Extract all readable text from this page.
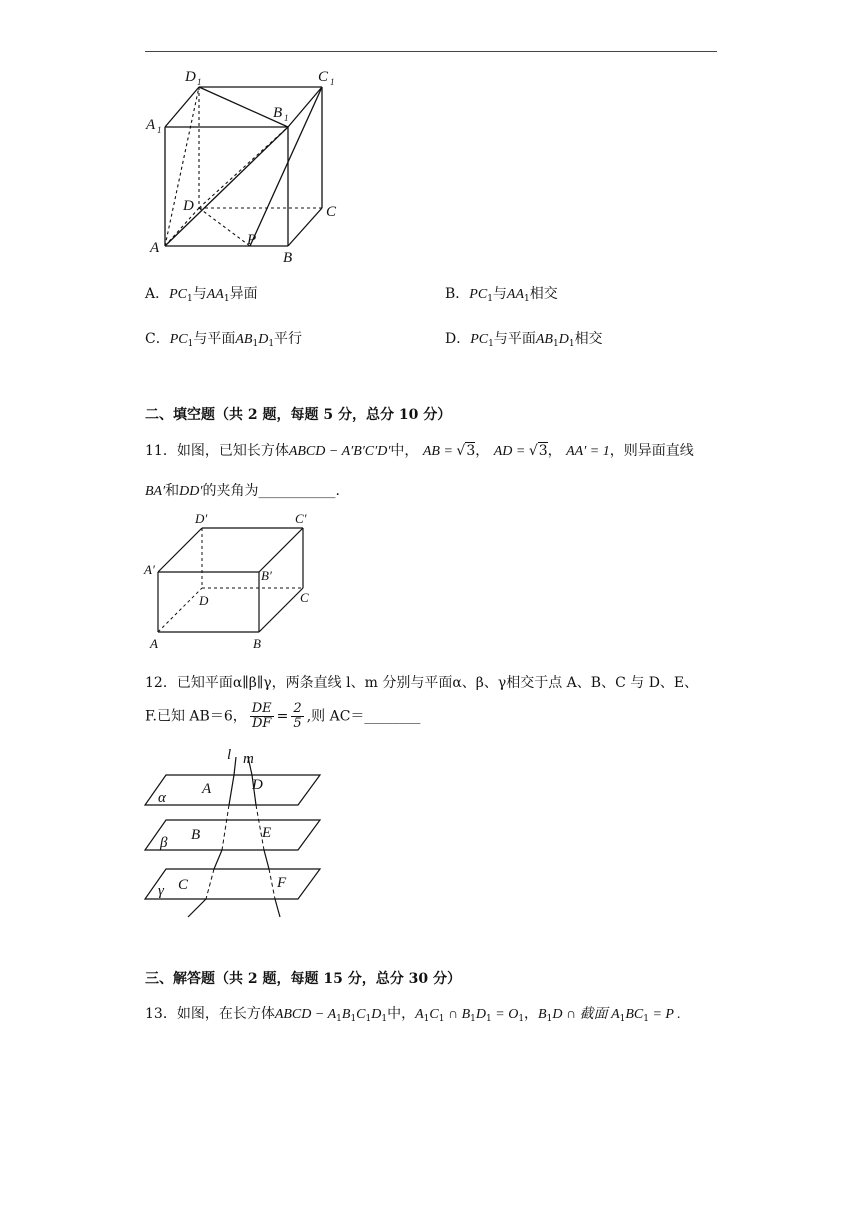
D 1	C 1
A 1
B 1
D	C
A	P
B
A．$PC_1$与$AA_1$异面	B．$PC_1$与$AA_1$相交
C．$PC_1$与平面$AB_1D_1$平行	D．$PC_1$与平面$AB_1D_1$相交
二、填空题（共 2 题，每题 5 分，总分 10 分）
11．如图，已知长方体ABCD − A′B′C′D′中， AB = √3， AD = √3， AA′ = 1，则异面直线
BA′和DD′的夹角为___________.
D′	C′
A′	B′
D	C
A	B
12．已知平面α∥β∥γ，两条直线 l、m 分别与平面α、β、γ相交于点 A、B、C 与 D、E、
F.已知 AB＝6， $\frac{DE}{DF} = \frac{2}{5}$ ,则 AC＝________
l m
α
A	D
β B	E
γ C	F
三、解答题（共 2 题，每题 15 分，总分 30 分）
13．如图，在长方体ABCD − $A_1B_1C_1D_1$中，$A_1C_1$ ∩ $B_1D_1 = O_1$，$B_1D$ ∩ 截面 $A_1BC_1 = P$ .
